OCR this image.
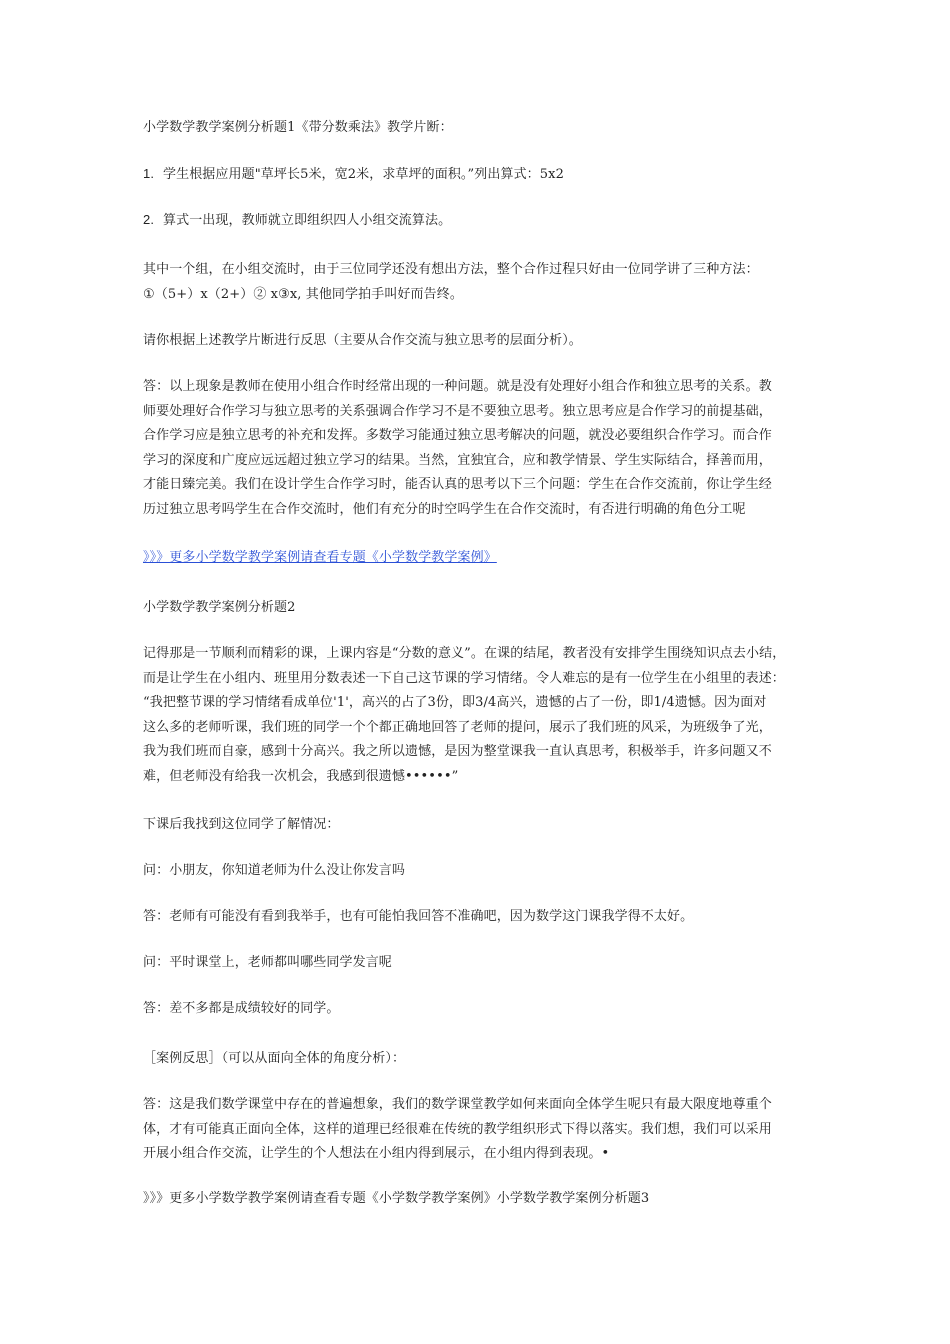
小学数学教学案例分析题1《带分数乘法》教学片断：
1. 学生根据应用题"草坪长5米，宽2米，求草坪的面积。”列出算式：5x2
2. 算式一出现，教师就立即组织四人小组交流算法。
其中一个组，在小组交流时，由于三位同学还没有想出方法，整个合作过程只好由一位同学讲了三种方法：
①（5+）x（2+）② x③x, 其他同学拍手叫好而告终。
请你根据上述教学片断进行反思（主要从合作交流与独立思考的层面分析）。
答：以上现象是教师在使用小组合作时经常出现的一种问题。就是没有处理好小组合作和独立思考的关系。教
师要处理好合作学习与独立思考的关系强调合作学习不是不要独立思考。独立思考应是合作学习的前提基础，
合作学习应是独立思考的补充和发挥。多数学习能通过独立思考解决的问题，就没必要组织合作学习。而合作
学习的深度和广度应远远超过独立学习的结果。当然，宜独宜合，应和教学情景、学生实际结合，择善而用，
才能日臻完美。我们在设计学生合作学习时，能否认真的思考以下三个问题：学生在合作交流前，你让学生经
历过独立思考吗学生在合作交流时，他们有充分的时空吗学生在合作交流时，有否进行明确的角色分工呢
》》》更多小学数学教学案例请查看专题《小学数学教学案例》
小学数学教学案例分析题2
记得那是一节顺利而精彩的课，上课内容是“分数的意义”。在课的结尾，教者没有安排学生围绕知识点去小结，
而是让学生在小组内、班里用分数表述一下自己这节课的学习情绪。令人难忘的是有一位学生在小组里的表述：
“我把整节课的学习情绪看成单位'1'，高兴的占了3份，即3/4高兴，遗憾的占了一份，即1/4遗憾。因为面对
这么多的老师听课，我们班的同学一个个都正确地回答了老师的提问，展示了我们班的风采，为班级争了光，
我为我们班而自豪，感到十分高兴。我之所以遗憾，是因为整堂课我一直认真思考，积极举手，许多问题又不
难，但老师没有给我一次机会，我感到很遗憾••••••”
下课后我找到这位同学了解情况：
问：小朋友，你知道老师为什么没让你发言吗
答：老师有可能没有看到我举手，也有可能怕我回答不准确吧，因为数学这门课我学得不太好。
问：平时课堂上，老师都叫哪些同学发言呢
答：差不多都是成绩较好的同学。
［案例反思］（可以从面向全体的角度分析）：
答：这是我们数学课堂中存在的普遍想象，我们的数学课堂教学如何来面向全体学生呢只有最大限度地尊重个
体，才有可能真正面向全体，这样的道理已经很难在传统的教学组织形式下得以落实。我们想，我们可以采用
开展小组合作交流，让学生的个人想法在小组内得到展示，在小组内得到表现。•
》》》更多小学数学教学案例请查看专题《小学数学教学案例》小学数学教学案例分析题3
